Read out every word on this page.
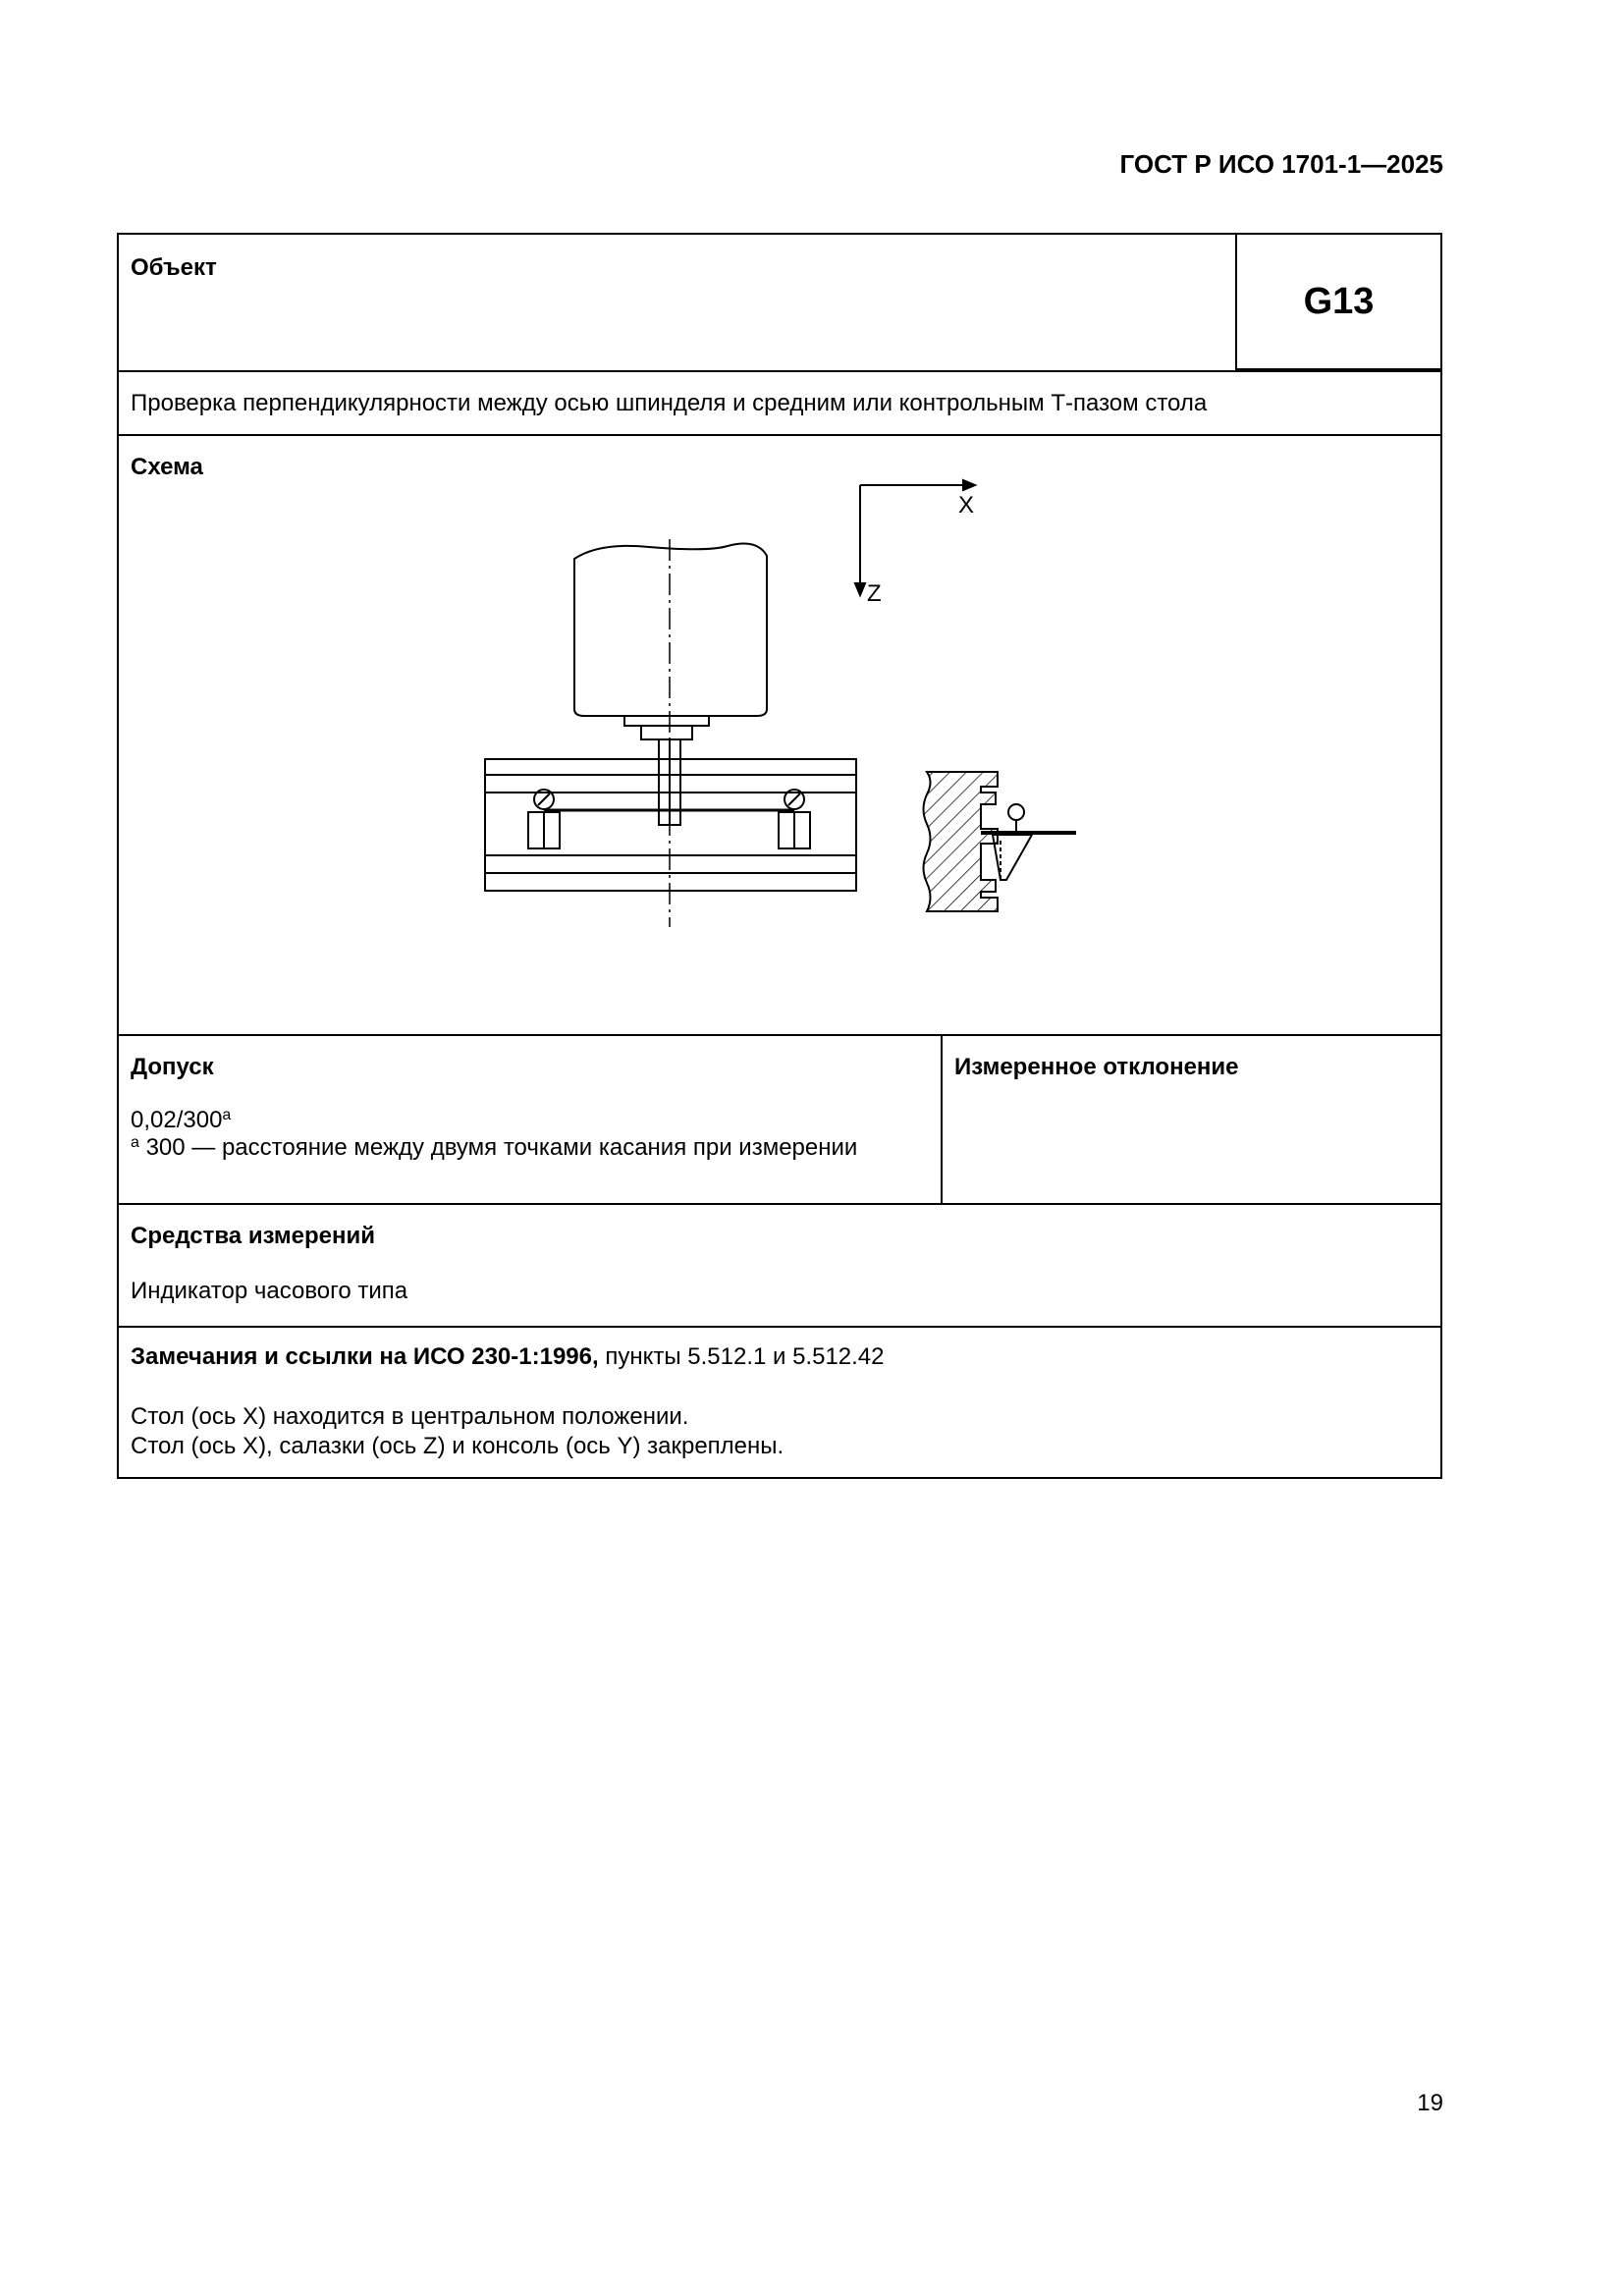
ГОСТ Р ИСО 1701-1—2025
Объект
G13
Проверка перпендикулярности между осью шпинделя и средним или контрольным Т-пазом стола
Схема
X
Z
Допуск
0,02/300$^a$
$^a$ 300 — расстояние между двумя точками касания при измерении
Измеренное отклонение
Средства измерений
Индикатор часового типа
Замечания и ссылки на ИСО 230-1:1996, пункты 5.512.1 и 5.512.42
Стол (ось X) находится в центральном положении.
Стол (ось X), салазки (ось Z) и консоль (ось Y) закреплены.
19
